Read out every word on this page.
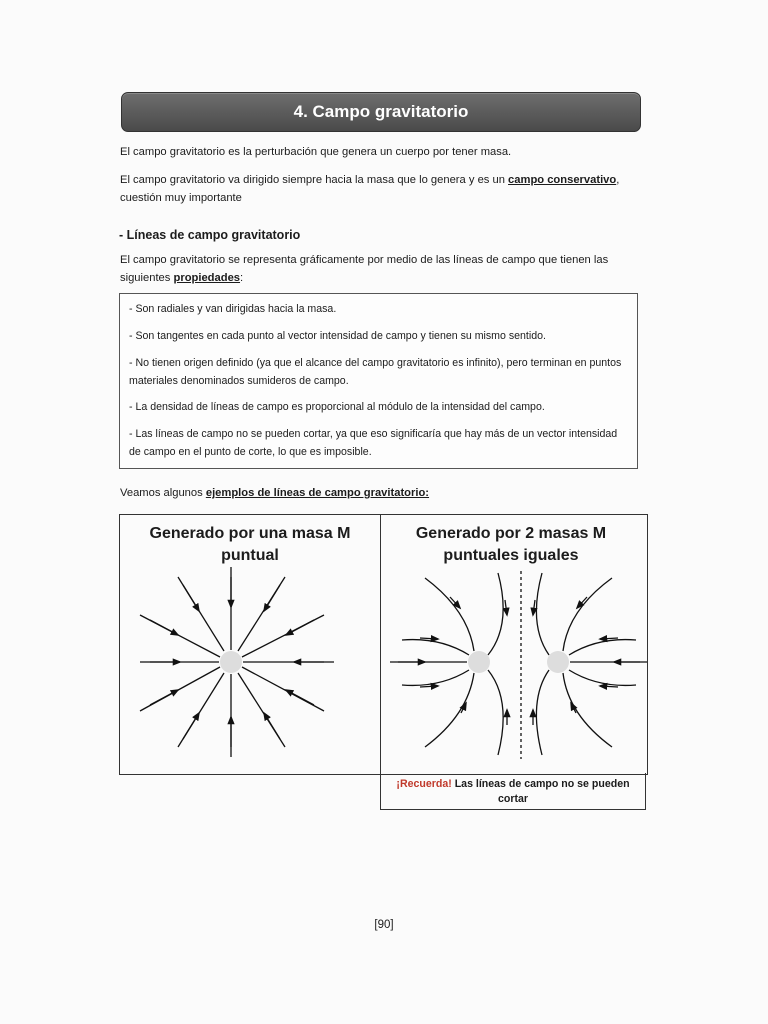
4. Campo gravitatorio
El campo gravitatorio es la perturbación que genera un cuerpo por tener masa.
El campo gravitatorio va dirigido siempre hacia la masa que lo genera y es un campo conservativo, cuestión muy importante
- Líneas de campo gravitatorio
El campo gravitatorio se representa gráficamente por medio de las líneas de campo que tienen las siguientes propiedades:
- Son radiales y van dirigidas hacia la masa.
- Son tangentes en cada punto al vector intensidad de campo y tienen su mismo sentido.
- No tienen origen definido (ya que el alcance del campo gravitatorio es infinito), pero terminan en puntos materiales denominados sumideros de campo.
- La densidad de líneas de campo es proporcional al módulo de la intensidad del campo.
- Las líneas de campo no se pueden cortar, ya que eso significaría que hay más de un vector intensidad de campo en el punto de corte, lo que es imposible.
Veamos algunos ejemplos de líneas de campo gravitatorio:
Generado por una masa M puntual
Generado por 2 masas M puntuales iguales
¡Recuerda! Las líneas de campo no se pueden cortar
[90]
